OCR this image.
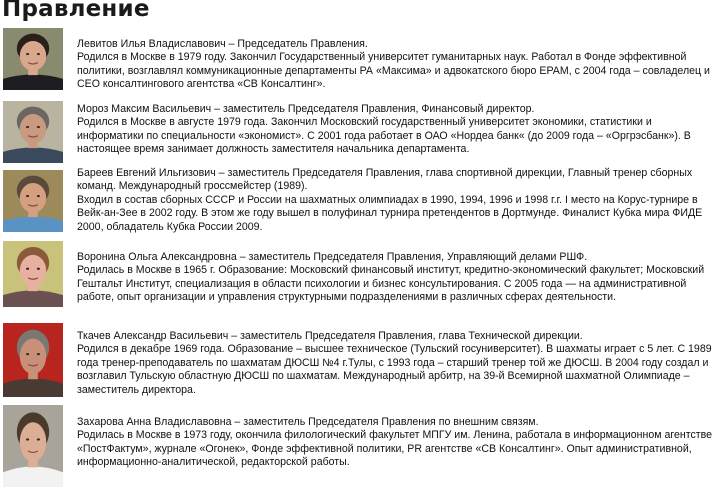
Правление

Левитов Илья Владиславович – Председатель Правления.

Родился в Москве в 1979 году. Закончил Государственный университет гуманитарных наук. Работал в Фонде эффективной политики, возглавлял коммуникационные департаменты РА «Максима» и адвокатского бюро ЕРАМ, с 2004 года – совладелец и СЕО консалтингового агентства «СВ Консалтинг».

Мороз Максим Васильевич – заместитель Председателя Правления, Финансовый директор.

Родился в Москве в августе 1979 года. Закончил Московский государственный университет экономики, статистики и информатики по специальности «экономист». С 2001 года работает в ОАО «Нордеа банк« (до 2009 года – «Оргрэсбанк»). В настоящее время занимает должность заместителя начальника департамента.

Бареев Евгений Ильгизович – заместитель Председателя Правления, глава спортивной дирекции, Главный тренер сборных команд. Международный гроссмейстер (1989).

Входил в состав сборных СССР и России на шахматных олимпиадах в 1990, 1994, 1996 и 1998 г.г. I место на Корус-турнире в Вейк-ан-Зее в 2002 году. В этом же году вышел в полуфинал турнира претендентов в Дортмунде. Финалист Кубка мира ФИДЕ 2000, обладатель Кубка России 2009.

Воронина Ольга Александровна – заместитель Председателя Правления, Управляющий делами РШФ.

Родилась в Москве в 1965 г. Образование: Московский финансовый институт, кредитно-экономический факультет; Московский Гештальт Институт, специализация в области психологии и бизнес консультирования. С 2005 года — на административной работе, опыт организации и управления структурными подразделениями в различных сферах деятельности.

Ткачев Александр Васильевич – заместитель Председателя Правления, глава Технической дирекции.

Родился в декабре 1969 года. Образование – высшее техническое (Тульский госуниверситет). В шахматы играет с 5 лет. С 1989 года тренер-преподаватель по шахматам ДЮСШ №4 г.Тулы, с 1993 года – старший тренер той же ДЮСШ. В 2004 году создал и возглавил Тульскую областную ДЮСШ по шахматам. Международный арбитр, на 39-й Всемирной шахматной Олимпиаде – заместитель директора.

Захарова Анна Владиславовна – заместитель Председателя Правления по внешним связям.

Родилась в Москве в 1973 году, окончила филологический факультет МПГУ им. Ленина, работала в информационном агентстве «ПостФактум», журнале «Огонек», Фонде эффективной политики, PR агентстве «СВ Консалтинг». Опыт административной, информационно-аналитической, редакторской работы.
